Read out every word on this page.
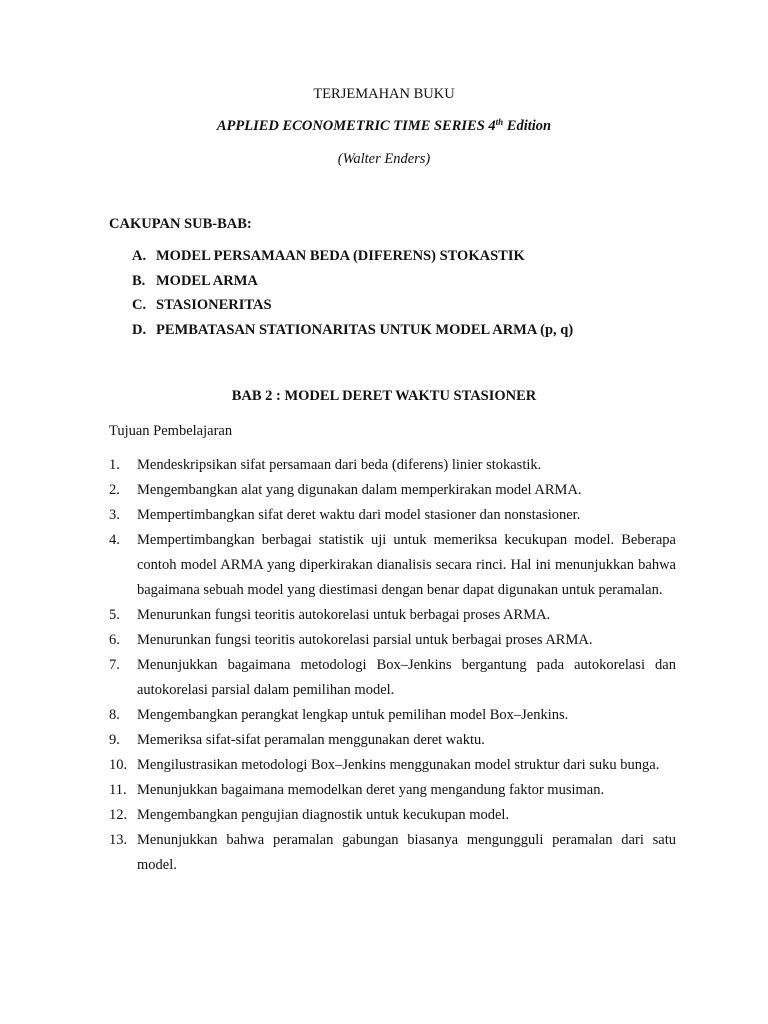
TERJEMAHAN BUKU
APPLIED ECONOMETRIC TIME SERIES 4th Edition
(Walter Enders)
CAKUPAN SUB-BAB:
A. MODEL PERSAMAAN BEDA (DIFERENS) STOKASTIK
B. MODEL ARMA
C. STASIONERITAS
D. PEMBATASAN STATIONARITAS UNTUK MODEL ARMA (p, q)
BAB 2 : MODEL DERET WAKTU STASIONER
Tujuan Pembelajaran
1.	Mendeskripsikan sifat persamaan dari beda (diferens) linier stokastik.
2.	Mengembangkan alat yang digunakan dalam memperkirakan model ARMA.
3.	Mempertimbangkan sifat deret waktu dari model stasioner dan nonstasioner.
4.	Mempertimbangkan berbagai statistik uji untuk memeriksa kecukupan model. Beberapa contoh model ARMA yang diperkirakan dianalisis secara rinci. Hal ini menunjukkan bahwa bagaimana sebuah model yang diestimasi dengan benar dapat digunakan untuk peramalan.
5.	Menurunkan fungsi teoritis autokorelasi untuk berbagai proses ARMA.
6.	Menurunkan fungsi teoritis autokorelasi parsial untuk berbagai proses ARMA.
7.	Menunjukkan bagaimana metodologi Box–Jenkins bergantung pada autokorelasi dan autokorelasi parsial dalam pemilihan model.
8.	Mengembangkan perangkat lengkap untuk pemilihan model Box–Jenkins.
9.	Memeriksa sifat-sifat peramalan menggunakan deret waktu.
10. Mengilustrasikan metodologi Box–Jenkins menggunakan model struktur dari suku bunga.
11. Menunjukkan bagaimana memodelkan deret yang mengandung faktor musiman.
12. Mengembangkan pengujian diagnostik untuk kecukupan model.
13. Menunjukkan bahwa peramalan gabungan biasanya mengungguli peramalan dari satu model.
